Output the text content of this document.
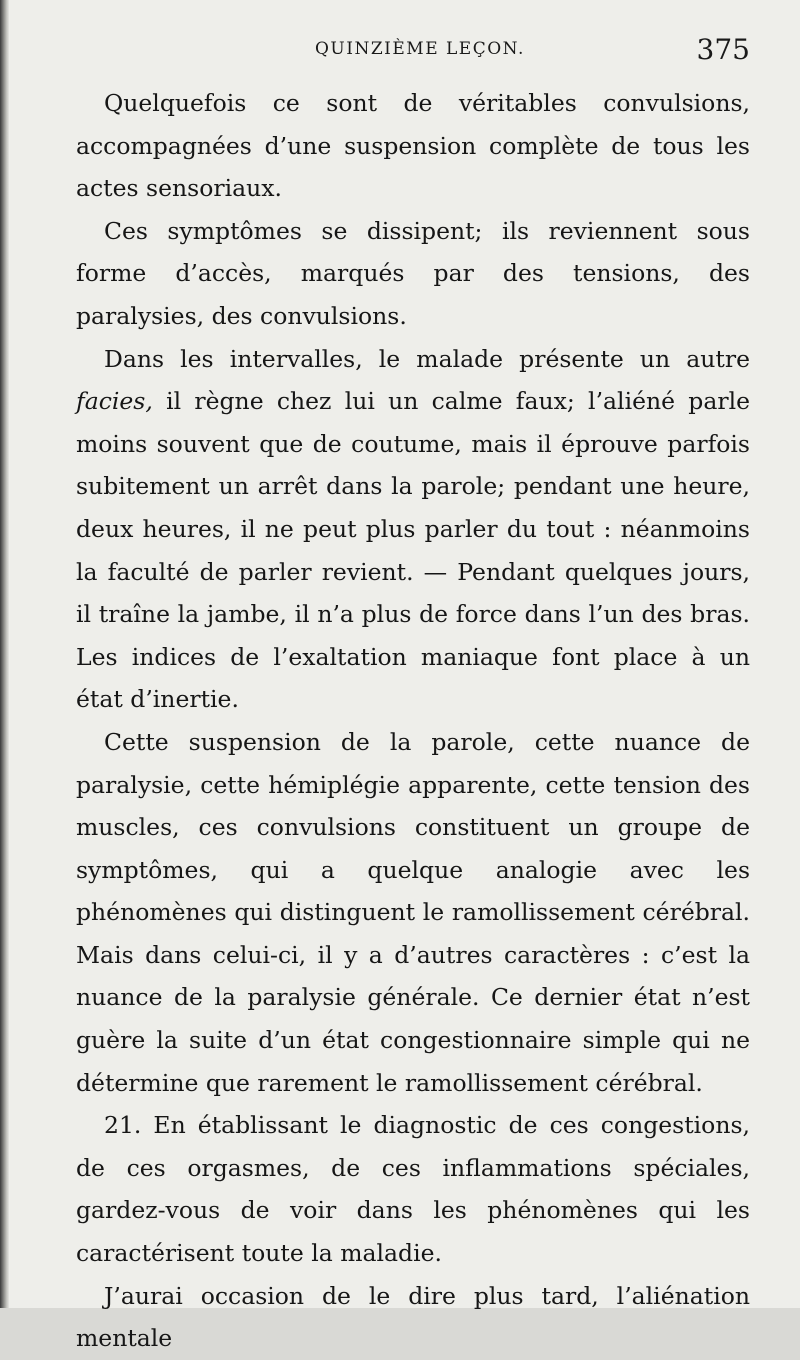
QUINZIÈME LEÇON.	375

Quelquefois ce sont de véritables convulsions, accompagnées d’une suspension complète de tous les actes sensoriaux.

Ces symptômes se dissipent; ils reviennent sous forme d’accès, marqués par des tensions, des paralysies, des convulsions.

Dans les intervalles, le malade présente un autre facies, il règne chez lui un calme faux; l’aliéné parle moins souvent que de coutume, mais il éprouve parfois subitement un arrêt dans la parole; pendant une heure, deux heures, il ne peut plus parler du tout : néanmoins la faculté de parler revient. — Pendant quelques jours, il traîne la jambe, il n’a plus de force dans l’un des bras. Les indices de l’exaltation maniaque font place à un état d’inertie.

Cette suspension de la parole, cette nuance de paralysie, cette hémiplégie apparente, cette tension des muscles, ces convulsions constituent un groupe de symptômes, qui a quelque analogie avec les phénomènes qui distinguent le ramollissement cérébral. Mais dans celui-ci, il y a d’autres caractères : c’est la nuance de la paralysie générale. Ce dernier état n’est guère la suite d’un état congestionnaire simple qui ne détermine que rarement le ramollissement cérébral.

21. En établissant le diagnostic de ces congestions, de ces orgasmes, de ces inflammations spéciales, gardez-vous de voir dans les phénomènes qui les caractérisent toute la maladie.

J’aurai occasion de le dire plus tard, l’aliénation mentale
